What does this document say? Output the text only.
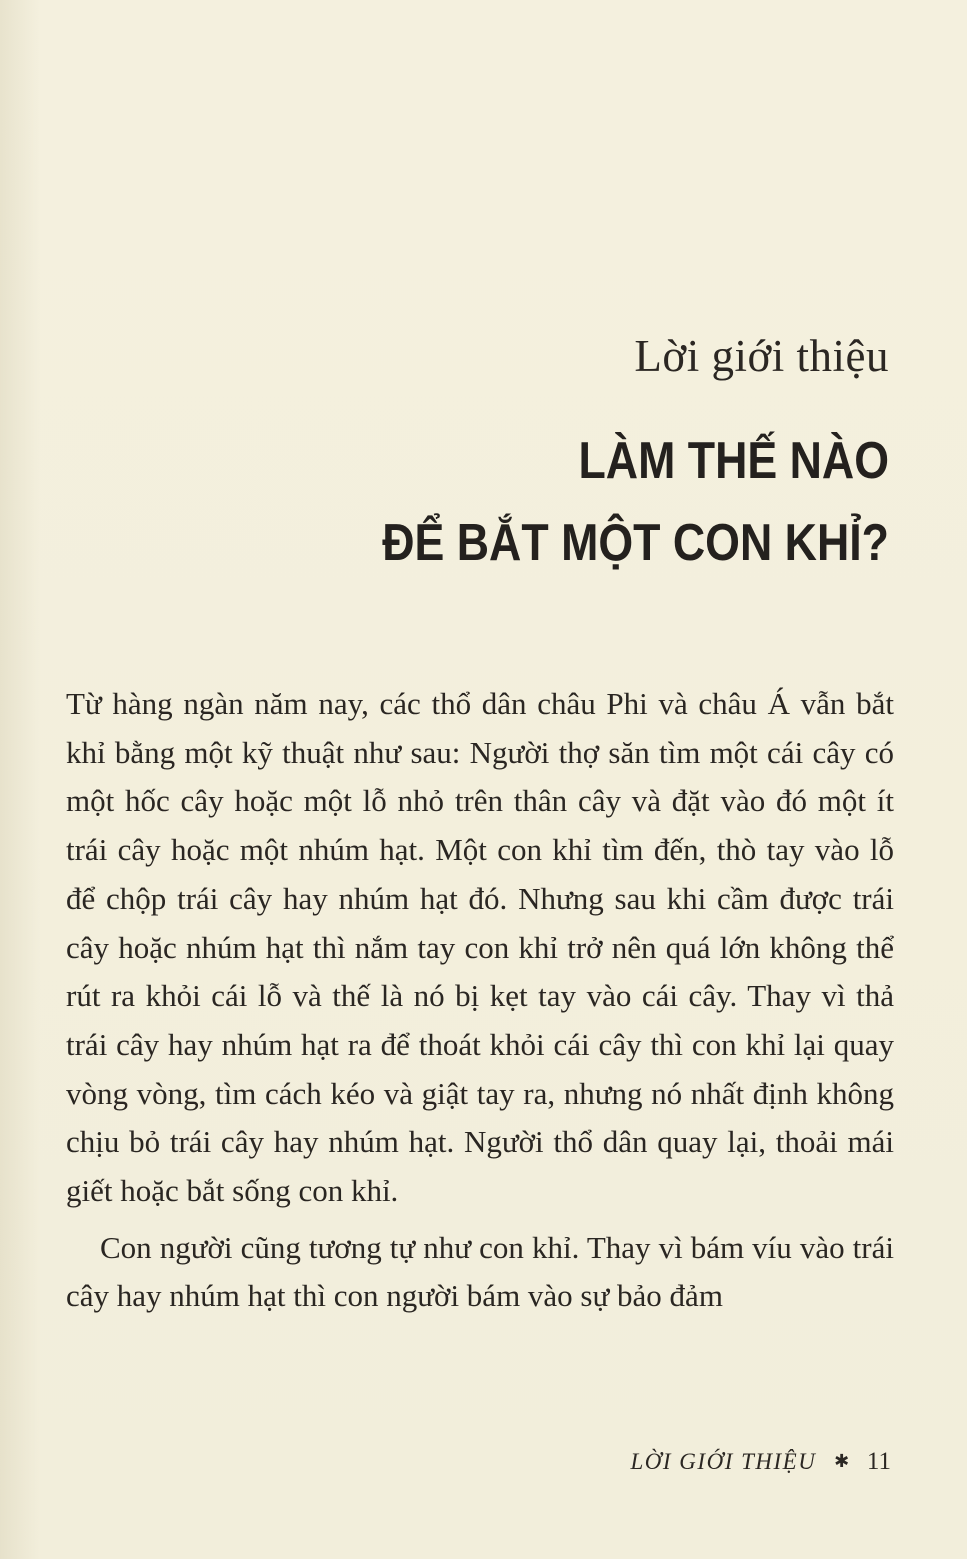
Lời giới thiệu
LÀM THẾ NÀO
ĐỂ BẮT MỘT CON KHỈ?

Từ hàng ngàn năm nay, các thổ dân châu Phi và châu Á vẫn bắt khỉ bằng một kỹ thuật như sau: Người thợ săn tìm một cái cây có một hốc cây hoặc một lỗ nhỏ trên thân cây và đặt vào đó một ít trái cây hoặc một nhúm hạt. Một con khỉ tìm đến, thò tay vào lỗ để chộp trái cây hay nhúm hạt đó. Nhưng sau khi cầm được trái cây hoặc nhúm hạt thì nắm tay con khỉ trở nên quá lớn không thể rút ra khỏi cái lỗ và thế là nó bị kẹt tay vào cái cây. Thay vì thả trái cây hay nhúm hạt ra để thoát khỏi cái cây thì con khỉ lại quay vòng vòng, tìm cách kéo và giật tay ra, nhưng nó nhất định không chịu bỏ trái cây hay nhúm hạt. Người thổ dân quay lại, thoải mái giết hoặc bắt sống con khỉ.

Con người cũng tương tự như con khỉ. Thay vì bám víu vào trái cây hay nhúm hạt thì con người bám vào sự bảo đảm

LỜI GIỚI THIỆU ✱ 11
